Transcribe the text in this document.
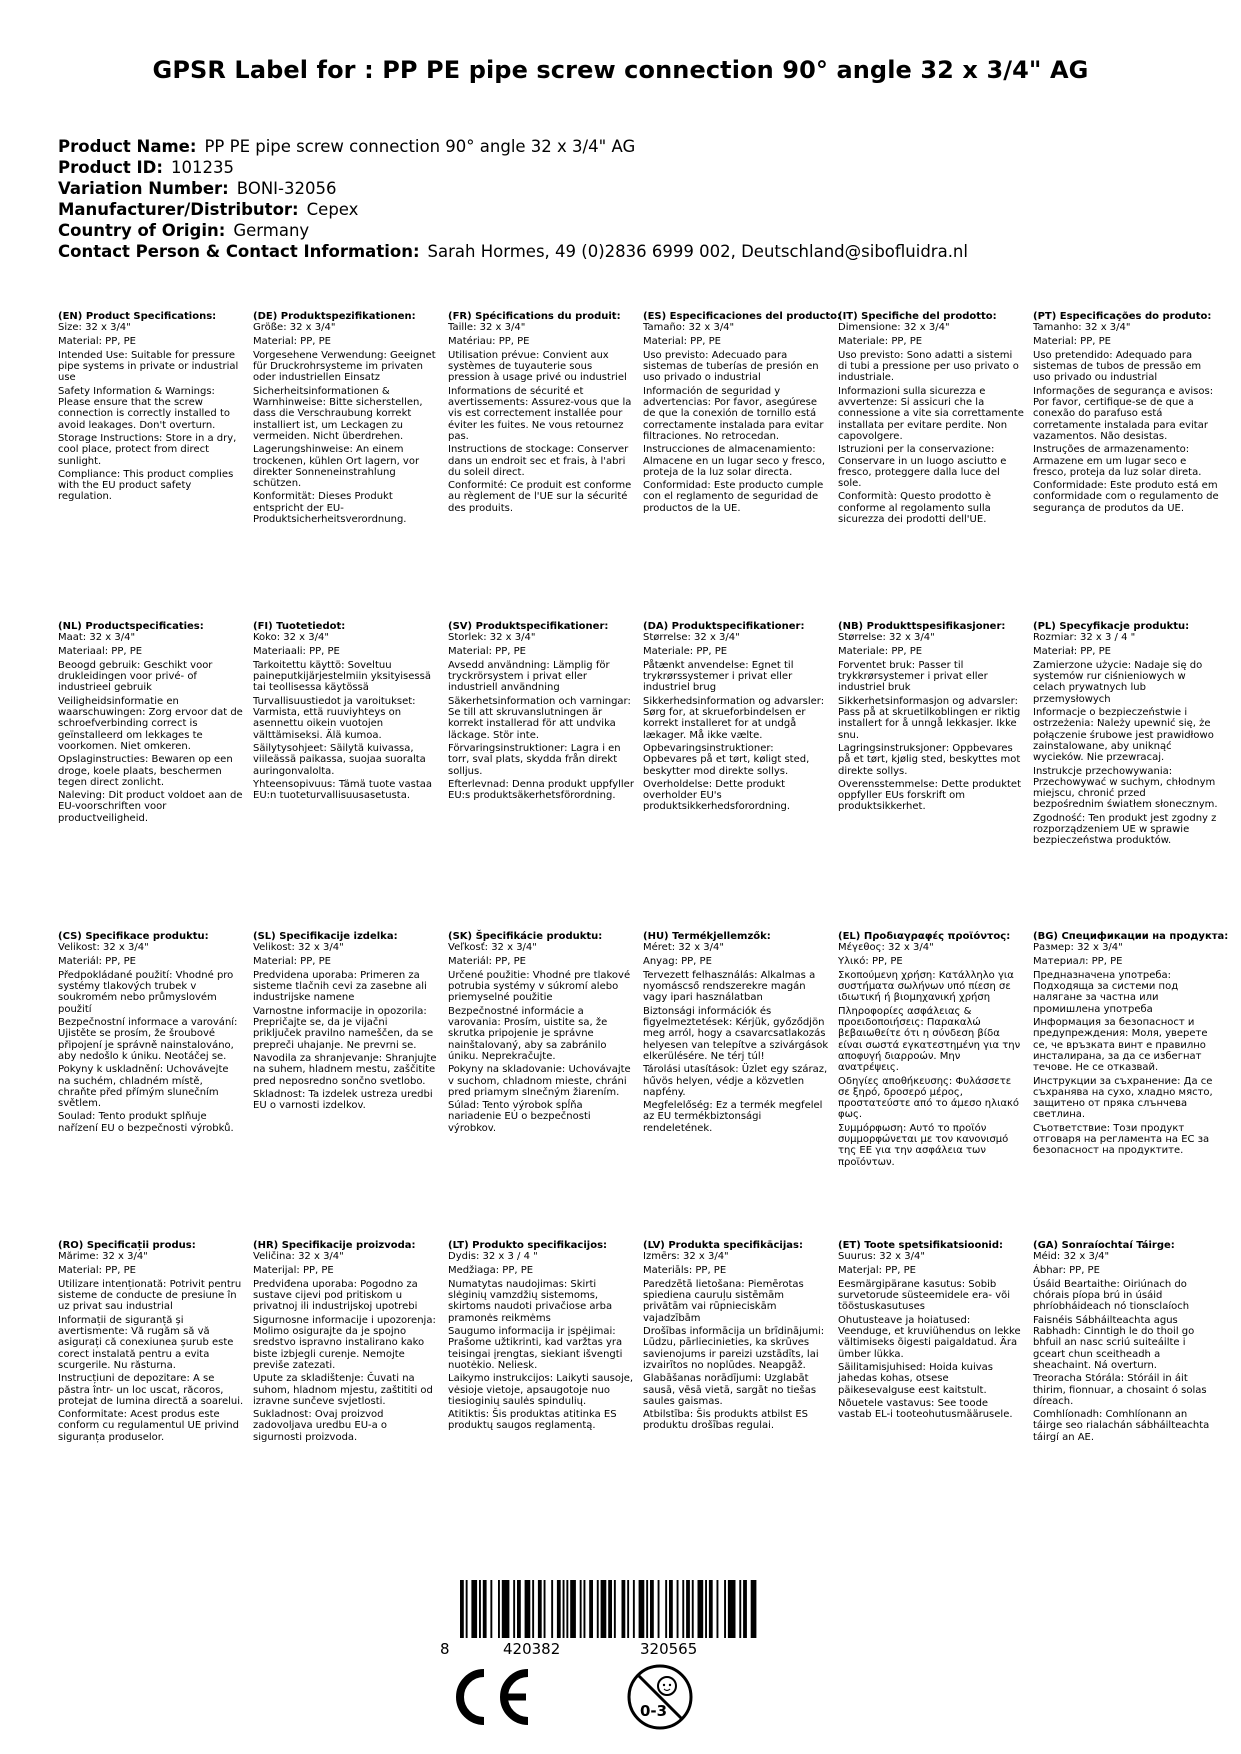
GPSR Label for : PP PE pipe screw connection 90° angle 32 x 3/4" AG
Product Name: PP PE pipe screw connection 90° angle 32 x 3/4" AG
Product ID: 101235
Variation Number: BONI-32056
Manufacturer/Distributor: Cepex
Country of Origin: Germany
Contact Person & Contact Information: Sarah Hormes, 49 (0)2836 6999 002, Deutschland@sibofluidra.nl
(EN) Product Specifications:

Size: 32 x 3/4"

Material: PP, PE

Intended Use: Suitable for pressure pipe systems in private or industrial use

Safety Information & Warnings: Please ensure that the screw connection is correctly installed to avoid leakages. Don't overturn.

Storage Instructions: Store in a dry, cool place, protect from direct sunlight.

Compliance: This product complies with the EU product safety regulation.

(DE) Produktspezifikationen:

Größe: 32 x 3/4"

Material: PP, PE

Vorgesehene Verwendung: Geeignet für Druckrohrsysteme im privaten oder industriellen Einsatz

Sicherheitsinformationen & Warnhinweise: Bitte sicherstellen, dass die Verschraubung korrekt installiert ist, um Leckagen zu vermeiden. Nicht überdrehen.

Lagerungshinweise: An einem trockenen, kühlen Ort lagern, vor direkter Sonneneinstrahlung schützen.

Konformität: Dieses Produkt entspricht der EU-Produktsicherheitsverordnung.

(FR) Spécifications du produit:

Taille: 32 x 3/4"

Matériau: PP, PE

Utilisation prévue: Convient aux systèmes de tuyauterie sous pression à usage privé ou industriel

Informations de sécurité et avertissements: Assurez-vous que la vis est correctement installée pour éviter les fuites. Ne vous retournez pas.

Instructions de stockage: Conserver dans un endroit sec et frais, à l'abri du soleil direct.

Conformité: Ce produit est conforme au règlement de l'UE sur la sécurité des produits.

(ES) Especificaciones del producto:

Tamaño: 32 x 3/4"

Material: PP, PE

Uso previsto: Adecuado para sistemas de tuberías de presión en uso privado o industrial

Información de seguridad y advertencias: Por favor, asegúrese de que la conexión de tornillo está correctamente instalada para evitar filtraciones. No retrocedan.

Instrucciones de almacenamiento: Almacene en un lugar seco y fresco, proteja de la luz solar directa.

Conformidad: Este producto cumple con el reglamento de seguridad de productos de la UE.

(IT) Specifiche del prodotto:

Dimensione: 32 x 3/4"

Materiale: PP, PE

Uso previsto: Sono adatti a sistemi di tubi a pressione per uso privato o industriale.

Informazioni sulla sicurezza e avvertenze: Si assicuri che la connessione a vite sia correttamente installata per evitare perdite. Non capovolgere.

Istruzioni per la conservazione: Conservare in un luogo asciutto e fresco, proteggere dalla luce del sole.

Conformità: Questo prodotto è conforme al regolamento sulla sicurezza dei prodotti dell'UE.

(PT) Especificações do produto:

Tamanho: 32 x 3/4"

Material: PP, PE

Uso pretendido: Adequado para sistemas de tubos de pressão em uso privado ou industrial

Informações de segurança e avisos: Por favor, certifique-se de que a conexão do parafuso está corretamente instalada para evitar vazamentos. Não desistas.

Instruções de armazenamento: Armazene em um lugar seco e fresco, proteja da luz solar direta.

Conformidade: Este produto está em conformidade com o regulamento de segurança de produtos da UE.

(NL) Productspecificaties:

Maat: 32 x 3/4"

Materiaal: PP, PE

Beoogd gebruik: Geschikt voor drukleidingen voor privé- of industrieel gebruik

Veiligheidsinformatie en waarschuwingen: Zorg ervoor dat de schroefverbinding correct is geïnstalleerd om lekkages te voorkomen. Niet omkeren.

Opslaginstructies: Bewaren op een droge, koele plaats, beschermen tegen direct zonlicht.

Naleving: Dit product voldoet aan de EU-voorschriften voor productveiligheid.

(FI) Tuotetiedot:

Koko: 32 x 3/4"

Materiaali: PP, PE

Tarkoitettu käyttö: Soveltuu paineputkijärjestelmiin yksityisessä tai teollisessa käytössä

Turvallisuustiedot ja varoitukset: Varmista, että ruuviyhteys on asennettu oikein vuotojen välttämiseksi. Älä kumoa.

Säilytysohjeet: Säilytä kuivassa, viileässä paikassa, suojaa suoralta auringonvalolta.

Yhteensopivuus: Tämä tuote vastaa EU:n tuoteturvallisuusasetusta.

(SV) Produktspecifikationer:

Storlek: 32 x 3/4"

Material: PP, PE

Avsedd användning: Lämplig för tryckrörsystem i privat eller industriell användning

Säkerhetsinformation och varningar: Se till att skruvanslutningen är korrekt installerad för att undvika läckage. Stör inte.

Förvaringsinstruktioner: Lagra i en torr, sval plats, skydda från direkt solljus.

Efterlevnad: Denna produkt uppfyller EU:s produktsäkerhetsförordning.

(DA) Produktspecifikationer:

Størrelse: 32 x 3/4"

Materiale: PP, PE

Påtænkt anvendelse: Egnet til trykrørssystemer i privat eller industriel brug

Sikkerhedsinformation og advarsler: Sørg for, at skrueforbindelsen er korrekt installeret for at undgå lækager. Må ikke vælte.

Opbevaringsinstruktioner: Opbevares på et tørt, køligt sted, beskytter mod direkte sollys.

Overholdelse: Dette produkt overholder EU's produktsikkerhedsforordning.

(NB) Produkttspesifikasjoner:

Størrelse: 32 x 3/4"

Materiale: PP, PE

Forventet bruk: Passer til trykkrørsystemer i privat eller industriel bruk

Sikkerhetsinformasjon og advarsler: Pass på at skruetilkoblingen er riktig installert for å unngå lekkasjer. Ikke snu.

Lagringsinstruksjoner: Oppbevares på et tørt, kjølig sted, beskyttes mot direkte sollys.

Overensstemmelse: Dette produktet oppfyller EUs forskrift om produktsikkerhet.

(PL) Specyfikacje produktu:

Rozmiar: 32 x 3 / 4 "

Materiał: PP, PE

Zamierzone użycie: Nadaje się do systemów rur ciśnieniowych w celach prywatnych lub przemysłowych

Informacje o bezpieczeństwie i ostrzeżenia: Należy upewnić się, że połączenie śrubowe jest prawidłowo zainstalowane, aby uniknąć wycieków. Nie przewracaj.

Instrukcje przechowywania: Przechowywać w suchym, chłodnym miejscu, chronić przed bezpośrednim światłem słonecznym.

Zgodność: Ten produkt jest zgodny z rozporządzeniem UE w sprawie bezpieczeństwa produktów.

(CS) Specifikace produktu:

Velikost: 32 x 3/4"

Materiál: PP, PE

Předpokládané použití: Vhodné pro systémy tlakových trubek v soukromém nebo průmyslovém použití

Bezpečnostní informace a varování: Ujistěte se prosím, že šroubové připojení je správně nainstalováno, aby nedošlo k úniku. Neotáčej se.

Pokyny k uskladnění: Uchovávejte na suchém, chladném místě, chraňte před přímým slunečním světlem.

Soulad: Tento produkt splňuje nařízení EU o bezpečnosti výrobků.

(SL) Specifikacije izdelka:

Velikost: 32 x 3/4"

Material: PP, PE

Predvidena uporaba: Primeren za sisteme tlačnih cevi za zasebne ali industrijske namene

Varnostne informacije in opozorila: Prepričajte se, da je vijačni priključek pravilno nameščen, da se prepreči uhajanje. Ne prevrni se.

Navodila za shranjevanje: Shranjujte na suhem, hladnem mestu, zaščitite pred neposredno sončno svetlobo.

Skladnost: Ta izdelek ustreza uredbi EU o varnosti izdelkov.

(SK) Špecifikácie produktu:

Veľkosť: 32 x 3/4"

Materiál: PP, PE

Určené použitie: Vhodné pre tlakové potrubia systémy v súkromí alebo priemyselné použitie

Bezpečnostné informácie a varovania: Prosím, uistite sa, že skrutka pripojenie je správne nainštalovaný, aby sa zabránilo úniku. Neprekračujte.

Pokyny na skladovanie: Uchovávajte v suchom, chladnom mieste, chráni pred priamym slnečným žiarením.

Súlad: Tento výrobok spĺňa nariadenie EÚ o bezpečnosti výrobkov.

(HU) Termékjellemzők:

Méret: 32 x 3/4"

Anyag: PP, PE

Tervezett felhasználás: Alkalmas a nyomáscső rendszerekre magán vagy ipari használatban

Biztonsági információk és figyelmeztetések: Kérjük, győződjön meg arról, hogy a csavarcsatlakozás helyesen van telepítve a szivárgások elkerülésére. Ne térj túl!

Tárolási utasítások: Üzlet egy száraz, hűvös helyen, védje a közvetlen napfény.

Megfelelőség: Ez a termék megfelel az EU termékbiztonsági rendeletének.

(EL) Προδιαγραφές προϊόντος:

Μέγεθος: 32 x 3/4"

Υλικό: PP, PE

Σκοπούμενη χρήση: Κατάλληλο για συστήματα σωλήνων υπό πίεση σε ιδιωτική ή βιομηχανική χρήση

Πληροφορίες ασφάλειας & προειδοποιήσεις: Παρακαλώ βεβαιωθείτε ότι η σύνδεση βίδα είναι σωστά εγκατεστημένη για την αποφυγή διαρροών. Μην ανατρέψεις.

Οδηγίες αποθήκευσης: Φυλάσσετε σε ξηρό, δροσερό μέρος, προστατεύστε από το άμεσο ηλιακό φως.

Συμμόρφωση: Αυτό το προϊόν συμμορφώνεται με τον κανονισμό της ΕΕ για την ασφάλεια των προϊόντων.

(BG) Спецификации на продукта:

Размер: 32 x 3/4"

Материал: PP, PE

Предназначена употреба: Подходяща за системи под налягане за частна или промишлена употреба

Информация за безопасност и предупреждения: Моля, уверете се, че връзката винт е правилно инсталирана, за да се избегнат течове. Не се отказвай.

Инструкции за съхранение: Да се съхранява на сухо, хладно място, защитено от пряка слънчева светлина.

Съответствие: Този продукт отговаря на регламента на ЕС за безопасност на продуктите.

(RO) Specificații produs:

Mărime: 32 x 3/4"

Material: PP, PE

Utilizare intenționată: Potrivit pentru sisteme de conducte de presiune în uz privat sau industrial

Informații de siguranță și avertismente: Vă rugăm să vă asigurați că conexiunea șurub este corect instalată pentru a evita scurgerile. Nu răsturna.

Instrucțiuni de depozitare: A se păstra într- un loc uscat, răcoros, protejat de lumina directă a soarelui.

Conformitate: Acest produs este conform cu regulamentul UE privind siguranța produselor.

(HR) Specifikacije proizvoda:

Veličina: 32 x 3/4"

Materijal: PP, PE

Predviđena uporaba: Pogodno za sustave cijevi pod pritiskom u privatnoj ili industrijskoj upotrebi

Sigurnosne informacije i upozorenja: Molimo osigurajte da je spojno sredstvo ispravno instalirano kako biste izbjegli curenje. Nemojte previše zatezati.

Upute za skladištenje: Čuvati na suhom, hladnom mjestu, zaštititi od izravne sunčeve svjetlosti.

Sukladnost: Ovaj proizvod zadovoljava uredbu EU-a o sigurnosti proizvoda.

(LT) Produkto specifikacijos:

Dydis: 32 x 3 / 4 "

Medžiaga: PP, PE

Numatytas naudojimas: Skirti slėginių vamzdžių sistemoms, skirtoms naudoti privačiose arba pramonės reikmėms

Saugumo informacija ir įspėjimai: Prašome užtikrinti, kad varžtas yra teisingai įrengtas, siekiant išvengti nuotėkio. Neliesk.

Laikymo instrukcijos: Laikyti sausoje, vėsioje vietoje, apsaugotoje nuo tiesioginių saulės spindulių.

Atitiktis: Šis produktas atitinka ES produktų saugos reglamentą.

(LV) Produkta specifikācijas:

Izmērs: 32 x 3/4"

Materiāls: PP, PE

Paredzētā lietošana: Piemērotas spiediena cauruļu sistēmām privātām vai rūpnieciskām vajadzībām

Drošības informācija un brīdinājumi: Lūdzu, pārliecinieties, ka skrūves savienojums ir pareizi uzstādīts, lai izvairītos no noplūdes. Neapgāž.

Glabāšanas norādījumi: Uzglabāt sausā, vēsā vietā, sargāt no tiešas saules gaismas.

Atbilstība: Šis produkts atbilst ES produktu drošības regulai.

(ET) Toote spetsifikatsioonid:

Suurus: 32 x 3/4"

Materjal: PP, PE

Eesmärgipärane kasutus: Sobib survetorude süsteemidele era- või tööstuskasutuses

Ohutusteave ja hoiatused: Veenduge, et kruviühendus on lekke vältimiseks õigesti paigaldatud. Ära ümber lükka.

Säilitamisjuhised: Hoida kuivas jahedas kohas, otsese päikesevalguse eest kaitstult.

Nõuetele vastavus: See toode vastab EL-i tooteohutusmäärusele.

(GA) Sonraíochtaí Táirge:

Méid: 32 x 3/4"

Ábhar: PP, PE

Úsáid Beartaithe: Oiriúnach do chórais píopa brú in úsáid phríobháideach nó tionsclaíoch

Faisnéis Sábháilteachta agus Rabhadh: Cinntigh le do thoil go bhfuil an nasc scriú suiteáilte i gceart chun sceitheadh a sheachaint. Ná overturn.

Treoracha Stórála: Stóráil in áit thirim, fionnuar, a chosaint ó solas díreach.

Comhlíonadh: Comhlíonann an táirge seo rialachán sábháilteachta táirgí an AE.

8	420382	320565
0-3
